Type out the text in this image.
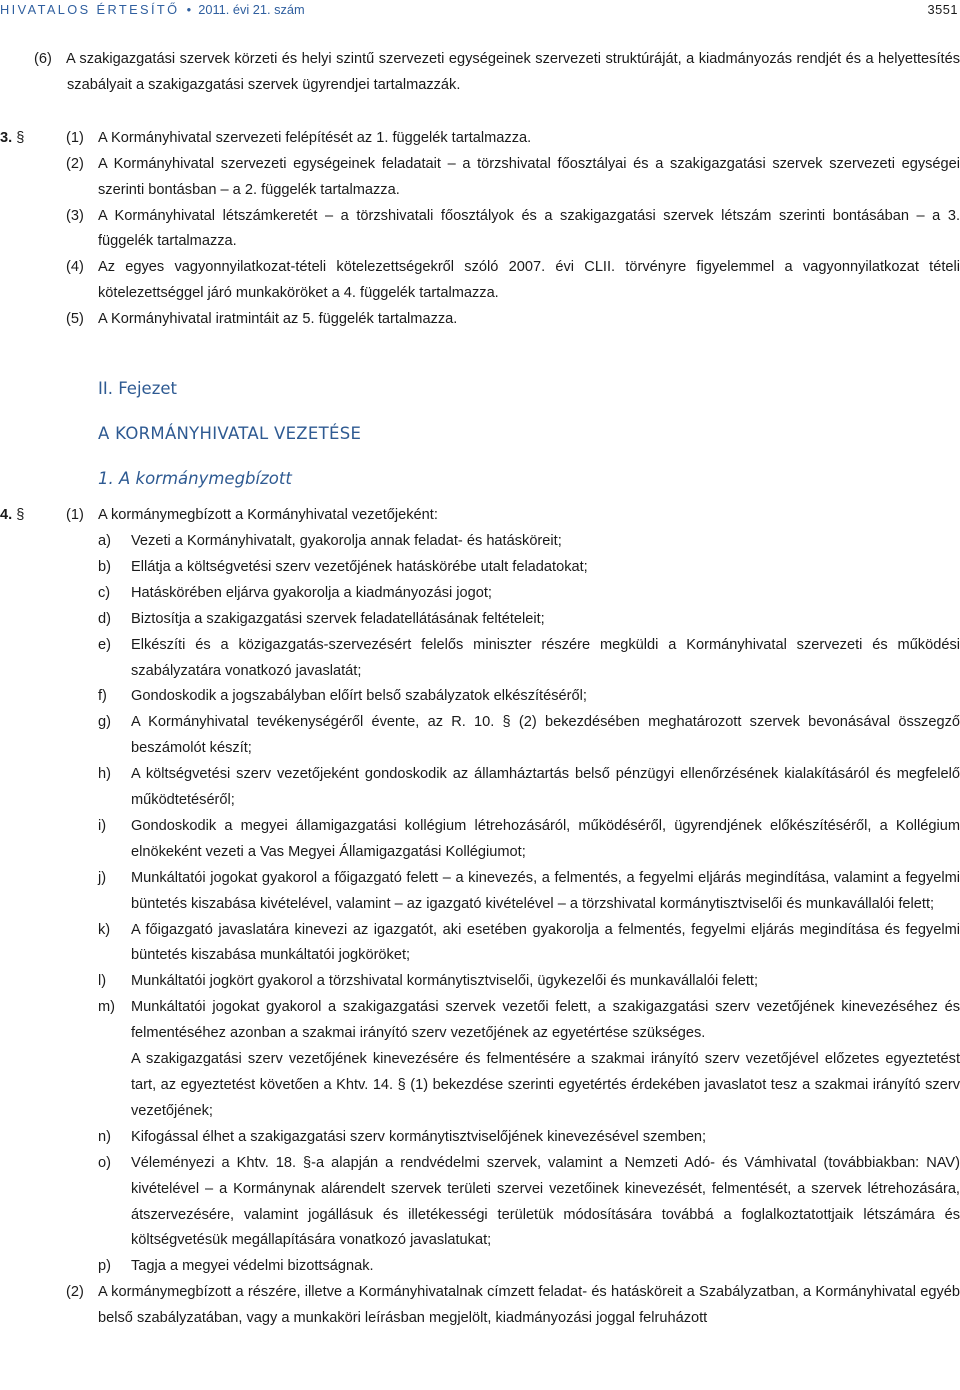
HIVATALOS ÉRTESÍTŐ • 2011. évi 21. szám	3551

(6) A szakigazgatási szervek körzeti és helyi szintű szervezeti egységeinek szervezeti struktúráját, a kiadmányozás rendjét és a helyettesítés szabályait a szakigazgatási szervek ügyrendjei tartalmazzák.

3. §	(1) A Kormányhivatal szervezeti felépítését az 1. függelék tartalmazza.

(2) A Kormányhivatal szervezeti egységeinek feladatait – a törzshivatal főosztályai és a szakigazgatási szervek szervezeti egységei szerinti bontásban – a 2. függelék tartalmazza.

(3) A Kormányhivatal létszámkeretét – a törzshivatali főosztályok és a szakigazgatási szervek létszám szerinti bontásában – a 3. függelék tartalmazza.

(4) Az egyes vagyonnyilatkozat-tételi kötelezettségekről szóló 2007. évi CLII. törvényre figyelemmel a vagyonnyilatkozat tételi kötelezettséggel járó munkaköröket a 4. függelék tartalmazza.

(5) A Kormányhivatal iratmintáit az 5. függelék tartalmazza.

II. Fejezet
A KORMÁNYHIVATAL VEZETÉSE
1. A kormánymegbízott

4. §	(1) A kormánymegbízott a Kormányhivatal vezetőjeként:

a) Vezeti a Kormányhivatalt, gyakorolja annak feladat- és hatásköreit;

b) Ellátja a költségvetési szerv vezetőjének hatáskörébe utalt feladatokat;

c) Hatáskörében eljárva gyakorolja a kiadmányozási jogot;

d) Biztosítja a szakigazgatási szervek feladatellátásának feltételeit;

e) Elkészíti és a közigazgatás-szervezésért felelős miniszter részére megküldi a Kormányhivatal szervezeti és működési szabályzatára vonatkozó javaslatát;

f) Gondoskodik a jogszabályban előírt belső szabályzatok elkészítéséről;

g) A Kormányhivatal tevékenységéről évente, az R. 10. § (2) bekezdésében meghatározott szervek bevonásával összegző beszámolót készít;

h) A költségvetési szerv vezetőjeként gondoskodik az államháztartás belső pénzügyi ellenőrzésének kialakításáról és megfelelő működtetéséről;

i) Gondoskodik a megyei államigazgatási kollégium létrehozásáról, működéséről, ügyrendjének előkészítéséről, a Kollégium elnökeként vezeti a Vas Megyei Államigazgatási Kollégiumot;

j) Munkáltatói jogokat gyakorol a főigazgató felett – a kinevezés, a felmentés, a fegyelmi eljárás megindítása, valamint a fegyelmi büntetés kiszabása kivételével, valamint – az igazgató kivételével – a törzshivatal kormánytisztviselői és munkavállalói felett;

k) A főigazgató javaslatára kinevezi az igazgatót, aki esetében gyakorolja a felmentés, fegyelmi eljárás megindítása és fegyelmi büntetés kiszabása munkáltatói jogköröket;

l) Munkáltatói jogkört gyakorol a törzshivatal kormánytisztviselői, ügykezelői és munkavállalói felett;

m) Munkáltatói jogokat gyakorol a szakigazgatási szervek vezetői felett, a szakigazgatási szerv vezetőjének kinevezéséhez és felmentéséhez azonban a szakmai irányító szerv vezetőjének az egyetértése szükséges.

A szakigazgatási szerv vezetőjének kinevezésére és felmentésére a szakmai irányító szerv vezetőjével előzetes egyeztetést tart, az egyeztetést követően a Khtv. 14. § (1) bekezdése szerinti egyetértés érdekében javaslatot tesz a szakmai irányító szerv vezetőjének;

n) Kifogással élhet a szakigazgatási szerv kormánytisztviselőjének kinevezésével szemben;

o) Véleményezi a Khtv. 18. §-a alapján a rendvédelmi szervek, valamint a Nemzeti Adó- és Vámhivatal (továbbiakban: NAV) kivételével – a Kormánynak alárendelt szervek területi szervei vezetőinek kinevezését, felmentését, a szervek létrehozására, átszervezésére, valamint jogállásuk és illetékességi területük módosítására továbbá a foglalkoztatottjaik létszámára és költségvetésük megállapítására vonatkozó javaslatukat;

p) Tagja a megyei védelmi bizottságnak.

(2) A kormánymegbízott a részére, illetve a Kormányhivatalnak címzett feladat- és hatásköreit a Szabályzatban, a Kormányhivatal egyéb belső szabályzatában, vagy a munkaköri leírásban megjelölt, kiadmányozási joggal felruházott
